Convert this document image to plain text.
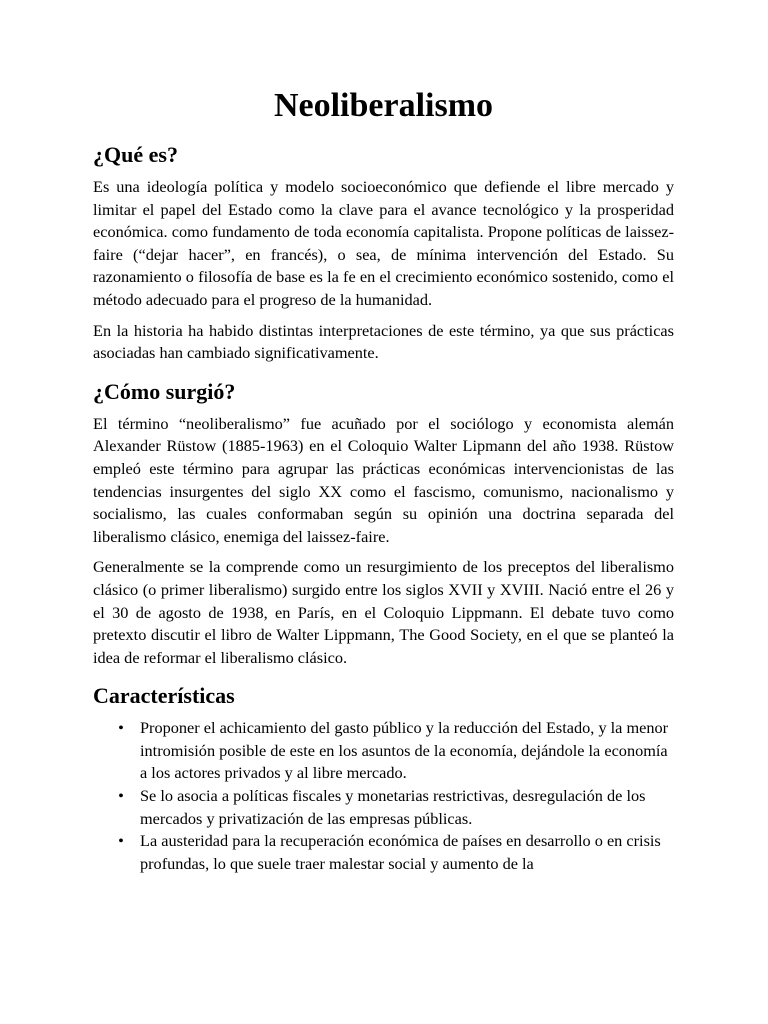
Neoliberalismo
¿Qué es?

Es una ideología política y modelo socioeconómico que defiende el libre mercado y limitar el papel del Estado como la clave para el avance tecnológico y la prosperidad económica. como fundamento de toda economía capitalista. Propone políticas de laissez-faire (“dejar hacer”, en francés), o sea, de mínima intervención del Estado. Su razonamiento o filosofía de base es la fe en el crecimiento económico sostenido, como el método adecuado para el progreso de la humanidad.

En la historia ha habido distintas interpretaciones de este término, ya que sus prácticas asociadas han cambiado significativamente.

¿Cómo surgió?

El término “neoliberalismo” fue acuñado por el sociólogo y economista alemán Alexander Rüstow (1885-1963) en el Coloquio Walter Lipmann del año 1938. Rüstow empleó este término para agrupar las prácticas económicas intervencionistas de las tendencias insurgentes del siglo XX como el fascismo, comunismo, nacionalismo y socialismo, las cuales conformaban según su opinión una doctrina separada del liberalismo clásico, enemiga del laissez-faire.

Generalmente se la comprende como un resurgimiento de los preceptos del liberalismo clásico (o primer liberalismo) surgido entre los siglos XVII y XVIII. Nació entre el 26 y el 30 de agosto de 1938, en París, en el Coloquio Lippmann. El debate tuvo como pretexto discutir el libro de Walter Lippmann, The Good Society, en el que se planteó la idea de reformar el liberalismo clásico.

Características
• Proponer el achicamiento del gasto público y la reducción del Estado, y la menor intromisión posible de este en los asuntos de la economía, dejándole la economía a los actores privados y al libre mercado.
• Se lo asocia a políticas fiscales y monetarias restrictivas, desregulación de los mercados y privatización de las empresas públicas.
• La austeridad para la recuperación económica de países en desarrollo o en crisis profundas, lo que suele traer malestar social y aumento de la
